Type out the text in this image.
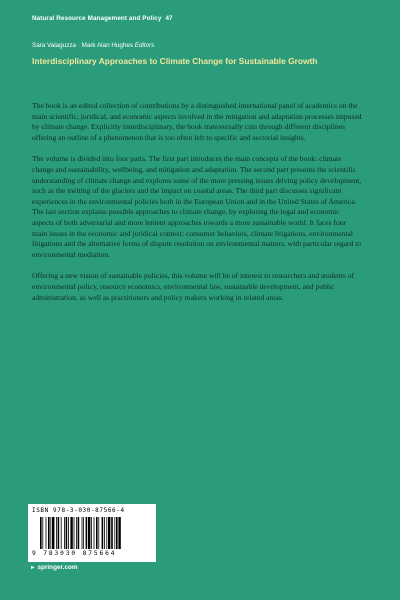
Natural Resource Management and Policy 47
Sara Valaguzza · Mark Alan Hughes Editors
Interdisciplinary Approaches to Climate Change for Sustainable Growth

The book is an edited collection of contributions by a distinguished international panel of academics on the main scientific, juridical, and economic aspects involved in the mitigation and adaptation processes imposed by climate change. Explicitly interdisciplinary, the book transversally cuts through different disciplines offering an outline of a phenomenon that is too often left to specific and sectorial insights.

The volume is divided into four parts. The first part introduces the main concepts of the book: climate change and sustainability, wellbeing, and mitigation and adaptation. The second part presents the scientific understanding of climate change and explores some of the more pressing issues driving policy development, such as the melting of the glaciers and the impact on coastal areas. The third part discusses significant experiences in the environmental policies both in the European Union and in the United States of America. The last section explains possible approaches to climate change, by exploring the legal and economic aspects of both adversarial and more lenient approaches towards a more sustainable world. It faces four main issues in the economic and juridical context: consumer behaviors, climate litigations, environmental litigations and the alternative forms of dispute resolution on environmental matters, with particular regard to environmental mediation.

Offering a new vision of sustainable policies, this volume will be of interest to researchers and students of environmental policy, resource economics, environmental law, sustainable development, and public administration, as well as practitioners and policy makers working in related areas.

ISBN 978-3-030-87566-4
9 783030 875664
► springer.com
